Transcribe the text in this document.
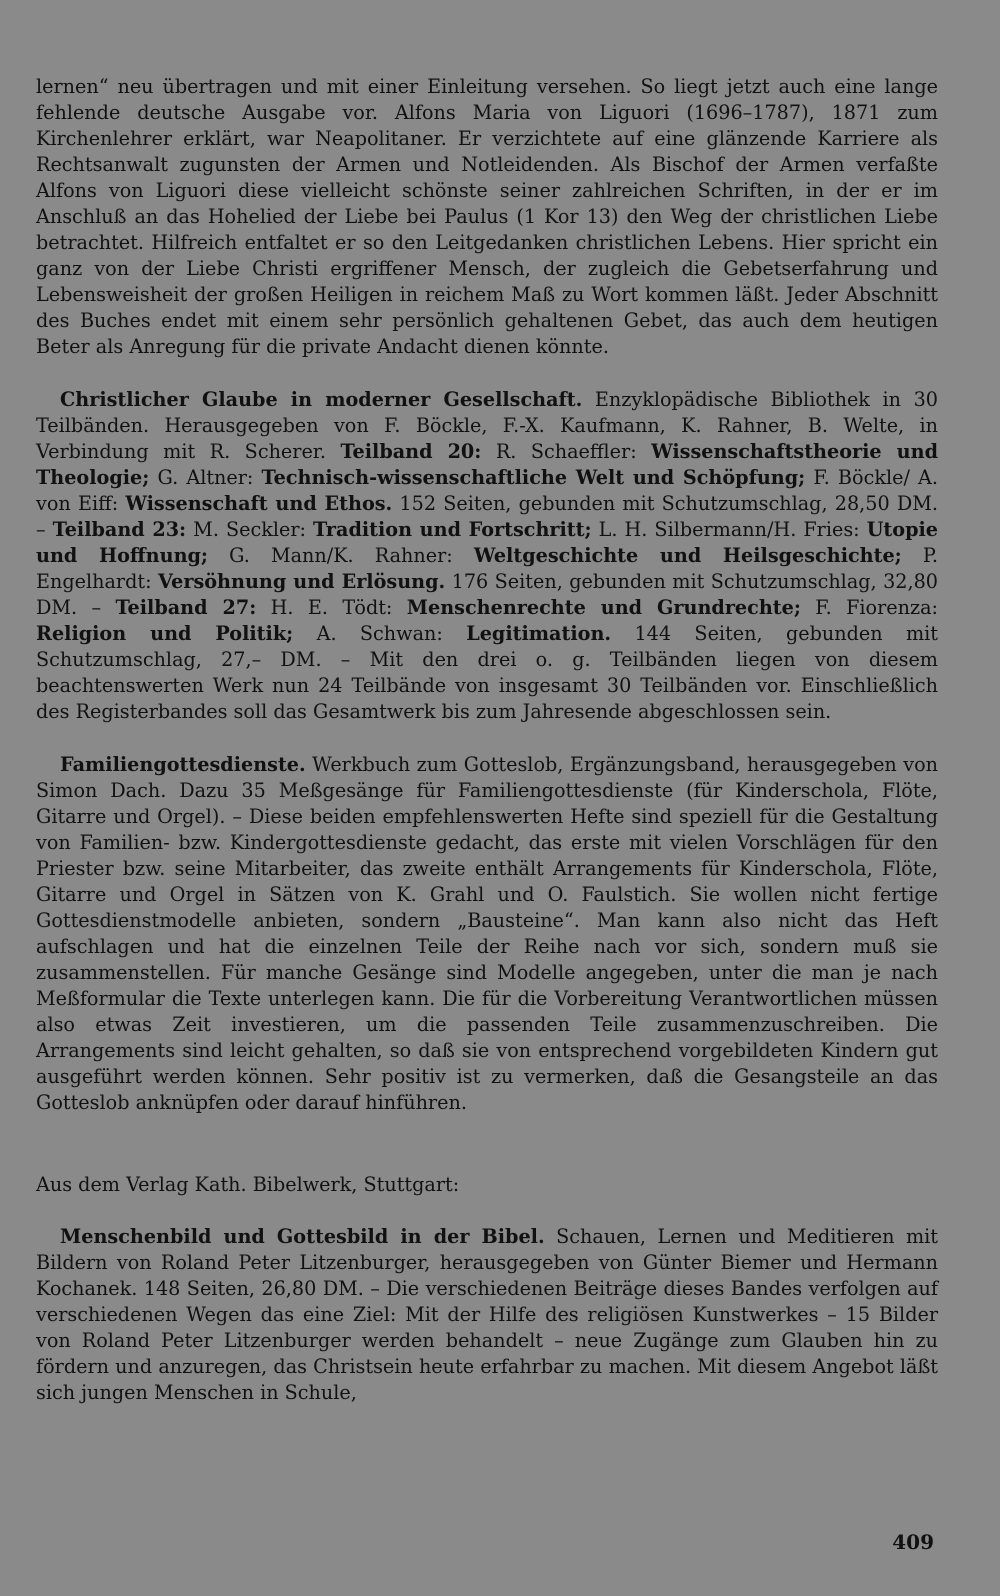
lernen“ neu übertragen und mit einer Einleitung versehen. So liegt jetzt auch eine lange fehlende deutsche Ausgabe vor. Alfons Maria von Liguori (1696–1787), 1871 zum Kirchenlehrer erklärt, war Neapolitaner. Er verzichtete auf eine glänzende Karriere als Rechtsanwalt zugunsten der Armen und Notleidenden. Als Bischof der Armen verfaßte Alfons von Liguori diese vielleicht schönste seiner zahlreichen Schriften, in der er im Anschluß an das Hohelied der Liebe bei Paulus (1 Kor 13) den Weg der christlichen Liebe betrachtet. Hilfreich entfaltet er so den Leitgedanken christlichen Lebens. Hier spricht ein ganz von der Liebe Christi ergriffener Mensch, der zugleich die Gebetserfahrung und Lebensweisheit der großen Heiligen in reichem Maß zu Wort kommen läßt. Jeder Abschnitt des Buches endet mit einem sehr persönlich gehaltenen Gebet, das auch dem heutigen Beter als Anregung für die private Andacht dienen könnte.

Christlicher Glaube in moderner Gesellschaft. Enzyklopädische Bibliothek in 30 Teilbänden. Herausgegeben von F. Böckle, F.-X. Kaufmann, K. Rahner, B. Welte, in Verbindung mit R. Scherer. Teilband 20: R. Schaeffler: Wissenschaftstheorie und Theologie; G. Altner: Technisch-wissenschaftliche Welt und Schöpfung; F. Böckle/ A. von Eiff: Wissenschaft und Ethos. 152 Seiten, gebunden mit Schutzumschlag, 28,50 DM. – Teilband 23: M. Seckler: Tradition und Fortschritt; L. H. Silbermann/H. Fries: Utopie und Hoffnung; G. Mann/K. Rahner: Weltgeschichte und Heilsgeschichte; P. Engelhardt: Versöhnung und Erlösung. 176 Seiten, gebunden mit Schutzumschlag, 32,80 DM. – Teilband 27: H. E. Tödt: Menschenrechte und Grundrechte; F. Fiorenza: Religion und Politik; A. Schwan: Legitimation. 144 Seiten, gebunden mit Schutzumschlag, 27,– DM. – Mit den drei o. g. Teilbänden liegen von diesem beachtenswerten Werk nun 24 Teilbände von insgesamt 30 Teilbänden vor. Einschließlich des Registerbandes soll das Gesamtwerk bis zum Jahresende abgeschlossen sein.

Familiengottesdienste. Werkbuch zum Gotteslob, Ergänzungsband, herausgegeben von Simon Dach. Dazu 35 Meßgesänge für Familiengottesdienste (für Kinderschola, Flöte, Gitarre und Orgel). – Diese beiden empfehlenswerten Hefte sind speziell für die Gestaltung von Familien- bzw. Kindergottesdienste gedacht, das erste mit vielen Vorschlägen für den Priester bzw. seine Mitarbeiter, das zweite enthält Arrangements für Kinderschola, Flöte, Gitarre und Orgel in Sätzen von K. Grahl und O. Faulstich. Sie wollen nicht fertige Gottesdienstmodelle anbieten, sondern „Bausteine“. Man kann also nicht das Heft aufschlagen und hat die einzelnen Teile der Reihe nach vor sich, sondern muß sie zusammenstellen. Für manche Gesänge sind Modelle angegeben, unter die man je nach Meßformular die Texte unterlegen kann. Die für die Vorbereitung Verantwortlichen müssen also etwas Zeit investieren, um die passenden Teile zusammenzuschreiben. Die Arrangements sind leicht gehalten, so daß sie von entsprechend vorgebildeten Kindern gut ausgeführt werden können. Sehr positiv ist zu vermerken, daß die Gesangsteile an das Gotteslob anknüpfen oder darauf hinführen.

Aus dem Verlag Kath. Bibelwerk, Stuttgart:

Menschenbild und Gottesbild in der Bibel. Schauen, Lernen und Meditieren mit Bildern von Roland Peter Litzenburger, herausgegeben von Günter Biemer und Hermann Kochanek. 148 Seiten, 26,80 DM. – Die verschiedenen Beiträge dieses Bandes verfolgen auf verschiedenen Wegen das eine Ziel: Mit der Hilfe des religiösen Kunstwerkes – 15 Bilder von Roland Peter Litzenburger werden behandelt – neue Zugänge zum Glauben hin zu fördern und anzuregen, das Christsein heute erfahrbar zu machen. Mit diesem Angebot läßt sich jungen Menschen in Schule,

409
